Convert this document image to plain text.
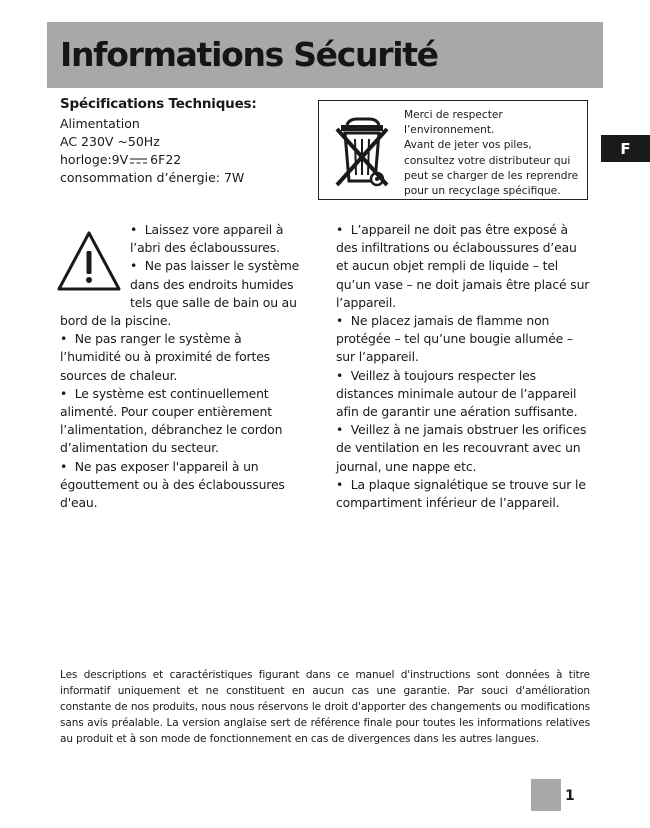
Informations Sécurité
F
Spécifications Techniques:
Alimentation
AC 230V ~50Hz
horloge:9V 6F22
consommation d’énergie: 7W
Merci de respecter
l’environnement.
Avant de jeter vos piles,
consultez votre distributeur qui
peut se charger de les reprendre
pour un recyclage spécifique.

•  Laissez vore appareil à l’abri des éclaboussures.

•  Ne pas laisser le système dans des endroits humides tels que salle de bain ou au bord de la piscine.

•  Ne pas ranger le système à l’humidité ou à proximité de fortes sources de chaleur.

•  Le système est continuellement alimenté. Pour couper entièrement l’alimentation, débranchez le cordon d’alimentation du secteur.

•  Ne pas exposer l'appareil à un égouttement ou à des éclaboussures d'eau.

•  L’appareil ne doit pas être exposé à des infiltrations ou éclaboussures d’eau et aucun objet rempli de liquide – tel qu’un vase – ne doit jamais être placé sur l’appareil.

•  Ne placez jamais de flamme non protégée – tel qu’une bougie allumée – sur l’appareil.

•  Veillez à toujours respecter les distances minimale autour de l’appareil afin de garantir une aération suffisante.

•  Veillez à ne jamais obstruer les orifices de ventilation en les recouvrant avec un journal, une nappe etc.

•  La plaque signalétique se trouve sur le compartiment inférieur de l’appareil.

Les descriptions et caractéristiques figurant dans ce manuel d'instructions sont données à titre informatif uniquement et ne constituent en aucun cas une garantie. Par souci d'amélioration constante de nos produits, nous nous réservons le droit d'apporter des changements ou modifications sans avis préalable. La version anglaise sert de référence finale pour toutes les informations relatives au produit et à son mode de fonctionnement en cas de divergences dans les autres langues.

1
